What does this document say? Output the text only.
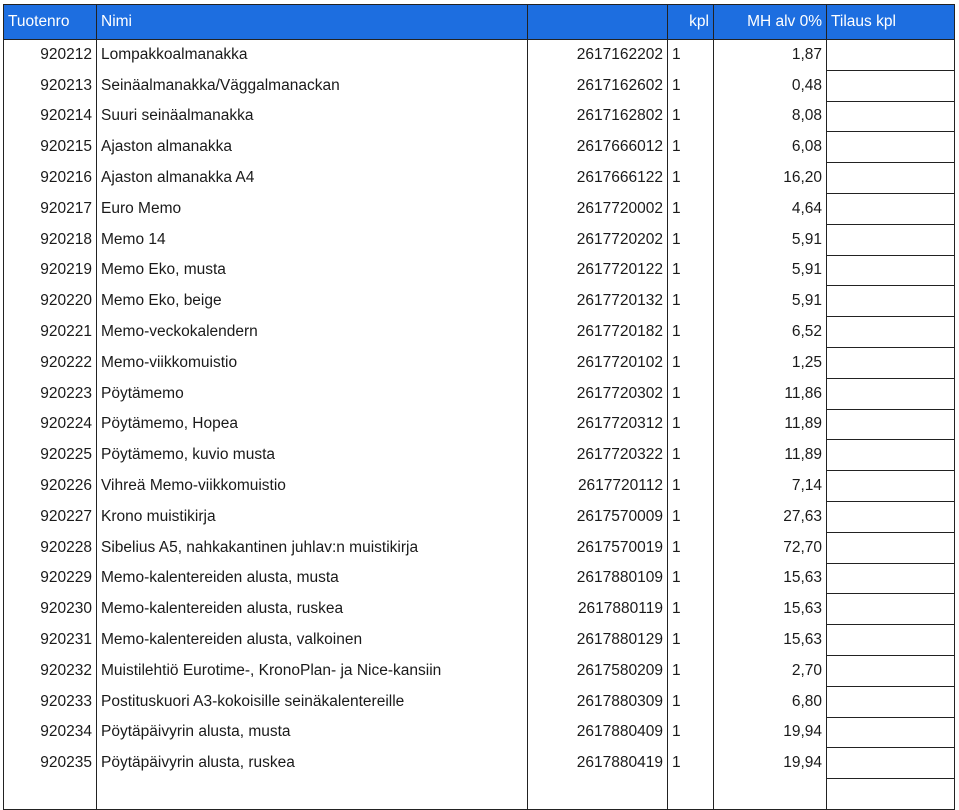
Tuotenro	Nimi		kpl	MH alv 0%	Tilaus kpl
920212	Lompakkoalmanakka	2617162202	1	1,87	
920213	Seinäalmanakka/Väggalmanackan	2617162602	1	0,48	
920214	Suuri seinäalmanakka	2617162802	1	8,08	
920215	Ajaston almanakka	2617666012	1	6,08	
920216	Ajaston almanakka A4	2617666122	1	16,20	
920217	Euro Memo	2617720002	1	4,64	
920218	Memo 14	2617720202	1	5,91	
920219	Memo Eko, musta	2617720122	1	5,91	
920220	Memo Eko, beige	2617720132	1	5,91	
920221	Memo-veckokalendern	2617720182	1	6,52	
920222	Memo-viikkomuistio	2617720102	1	1,25	
920223	Pöytämemo	2617720302	1	11,86	
920224	Pöytämemo, Hopea	2617720312	1	11,89	
920225	Pöytämemo, kuvio musta	2617720322	1	11,89	
920226	Vihreä Memo-viikkomuistio	2617720112	1	7,14	
920227	Krono muistikirja	2617570009	1	27,63	
920228	Sibelius A5, nahkakantinen juhlav:n muistikirja	2617570019	1	72,70	
920229	Memo-kalentereiden alusta, musta	2617880109	1	15,63	
920230	Memo-kalentereiden alusta, ruskea	2617880119	1	15,63	
920231	Memo-kalentereiden alusta, valkoinen	2617880129	1	15,63	
920232	Muistilehtiö Eurotime-, KronoPlan- ja Nice-kansiin	2617580209	1	2,70	
920233	Postituskuori A3-kokoisille seinäkalentereille	2617880309	1	6,80	
920234	Pöytäpäivyrin alusta, musta	2617880409	1	19,94	
920235	Pöytäpäivyrin alusta, ruskea	2617880419	1	19,94	
